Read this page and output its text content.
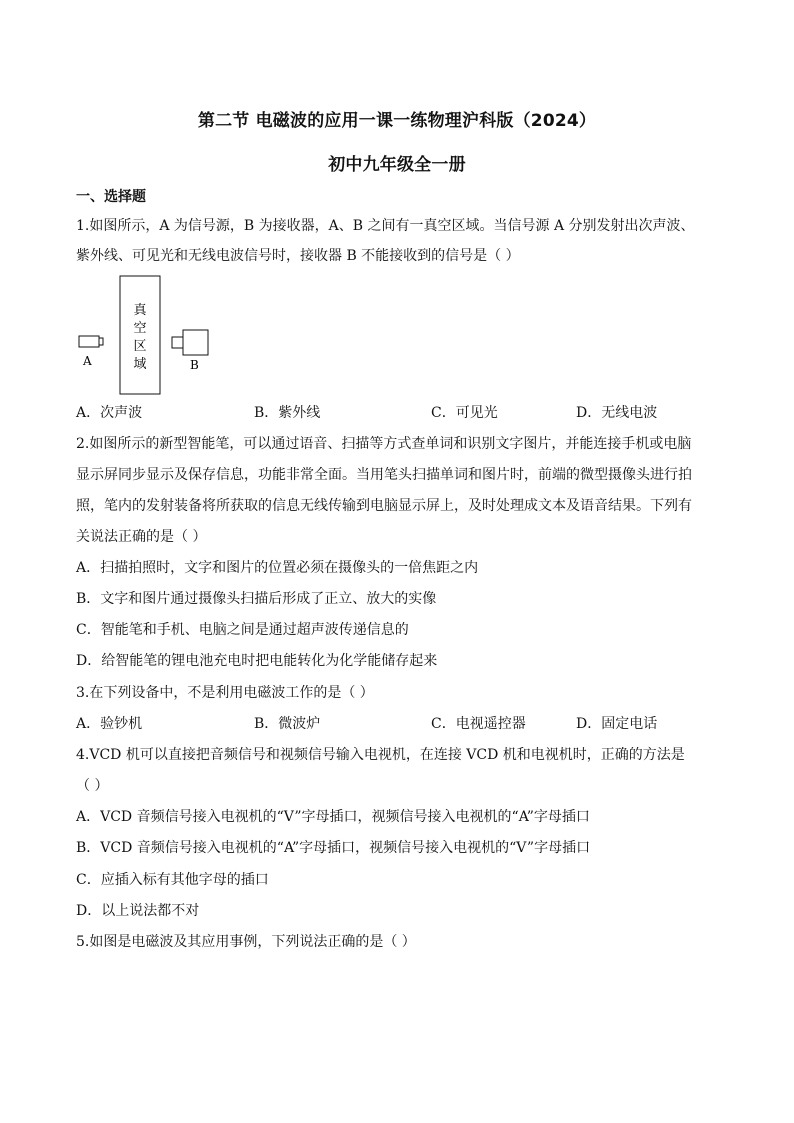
第二节 电磁波的应用一课一练物理沪科版（2024）
初中九年级全一册
一、选择题
1.如图所示，A 为信号源，B 为接收器，A、B 之间有一真空区域。当信号源 A 分别发射出次声波、
紫外线、可见光和无线电波信号时，接收器 B 不能接收到的信号是（ ）
A
真
空
区
域	B
A．次声波	B．紫外线	C．可见光	D．无线电波
2.如图所示的新型智能笔，可以通过语音、扫描等方式查单词和识别文字图片，并能连接手机或电脑
显示屏同步显示及保存信息，功能非常全面。当用笔头扫描单词和图片时，前端的微型摄像头进行拍
照，笔内的发射装备将所获取的信息无线传输到电脑显示屏上，及时处理成文本及语音结果。下列有
关说法正确的是（ ）
A．扫描拍照时，文字和图片的位置必须在摄像头的一倍焦距之内
B．文字和图片通过摄像头扫描后形成了正立、放大的实像
C．智能笔和手机、电脑之间是通过超声波传递信息的
D．给智能笔的锂电池充电时把电能转化为化学能储存起来
3.在下列设备中，不是利用电磁波工作的是（ ）
A．验钞机	B．微波炉	C．电视遥控器	D．固定电话
4.VCD 机可以直接把音频信号和视频信号输入电视机，在连接 VCD 机和电视机时，正确的方法是
（ ）
A．VCD 音频信号接入电视机的“V”字母插口，视频信号接入电视机的“A”字母插口
B．VCD 音频信号接入电视机的“A”字母插口，视频信号接入电视机的“V”字母插口
C．应插入标有其他字母的插口
D．以上说法都不对
5.如图是电磁波及其应用事例，下列说法正确的是（ ）
